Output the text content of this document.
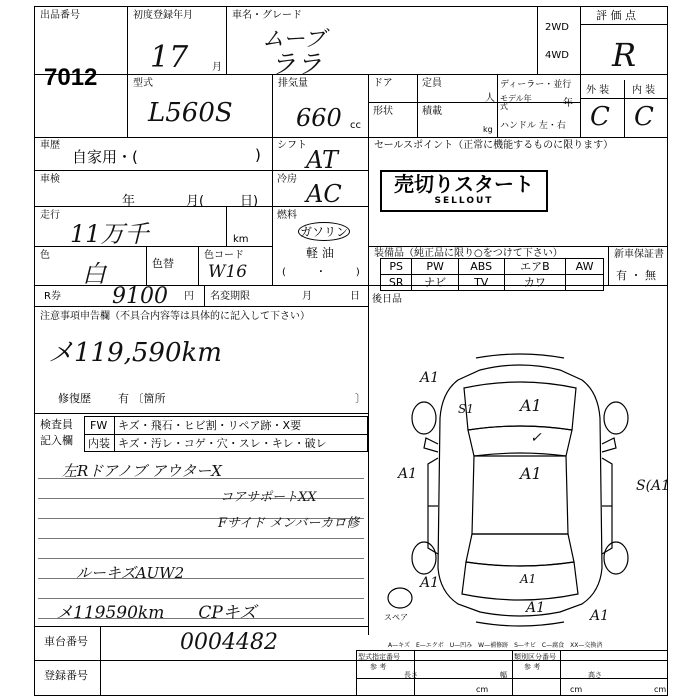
出品番号
7012
初度登録年月
17 月
車名・グレード
ムーブ
ララ
2WD
4WD
評 価 点
R
型式
L560S
排気量
660 cc
ドア	定員
人
ディーラー・並行
モデル年式	年
形状	積載
kg ハンドル 左・右
外 装 内 装
C C
車歴
自家用・(	)
車検
年	月(	日)
走行
11万千	km
色
白	色替
色コード
W16
R券 9100 円 名変期限	月	日
シフト
AT
冷房
AC
燃料
ガソリン
軽 油
(　　　・　　　)
セールスポイント（正常に機能するものに限ります）
売切りスタート
SELLOUT
装備品（純正品に限り○をつけて下さい）
PS	PW	ABS	エアB	AW
SR	ナビ	TV	カワ	
新車保証書
有 ・ 無
後日品
注意事項申告欄（不具合内容等は具体的に記入して下さい）
メ119,590km
修復歴 有 〔箇所	〕
検査員
記入欄
FW キズ・飛石・ヒビ割・リペア跡・X要
内装 キズ・汚レ・コゲ・穴・スレ・キレ・破レ
左Rドアノブ アウターX
コアサポートXX
Fサイド メンバーカロ修
ルーキズAUW2
メ119590km　　CPキズ	スペア
A1
S1	A1
✓
A1
A1
S(A1
A1
A1	A1
A1
車台番号	0004482
登録番号
A—キズ　E—エクボ　U—凹み　W—補修跡　S—サビ　C—腐食　XX—交換済
型式指定番号
参 考
類別区分番号
参 考
長さ
cm
幅
cm
高さ
cm
